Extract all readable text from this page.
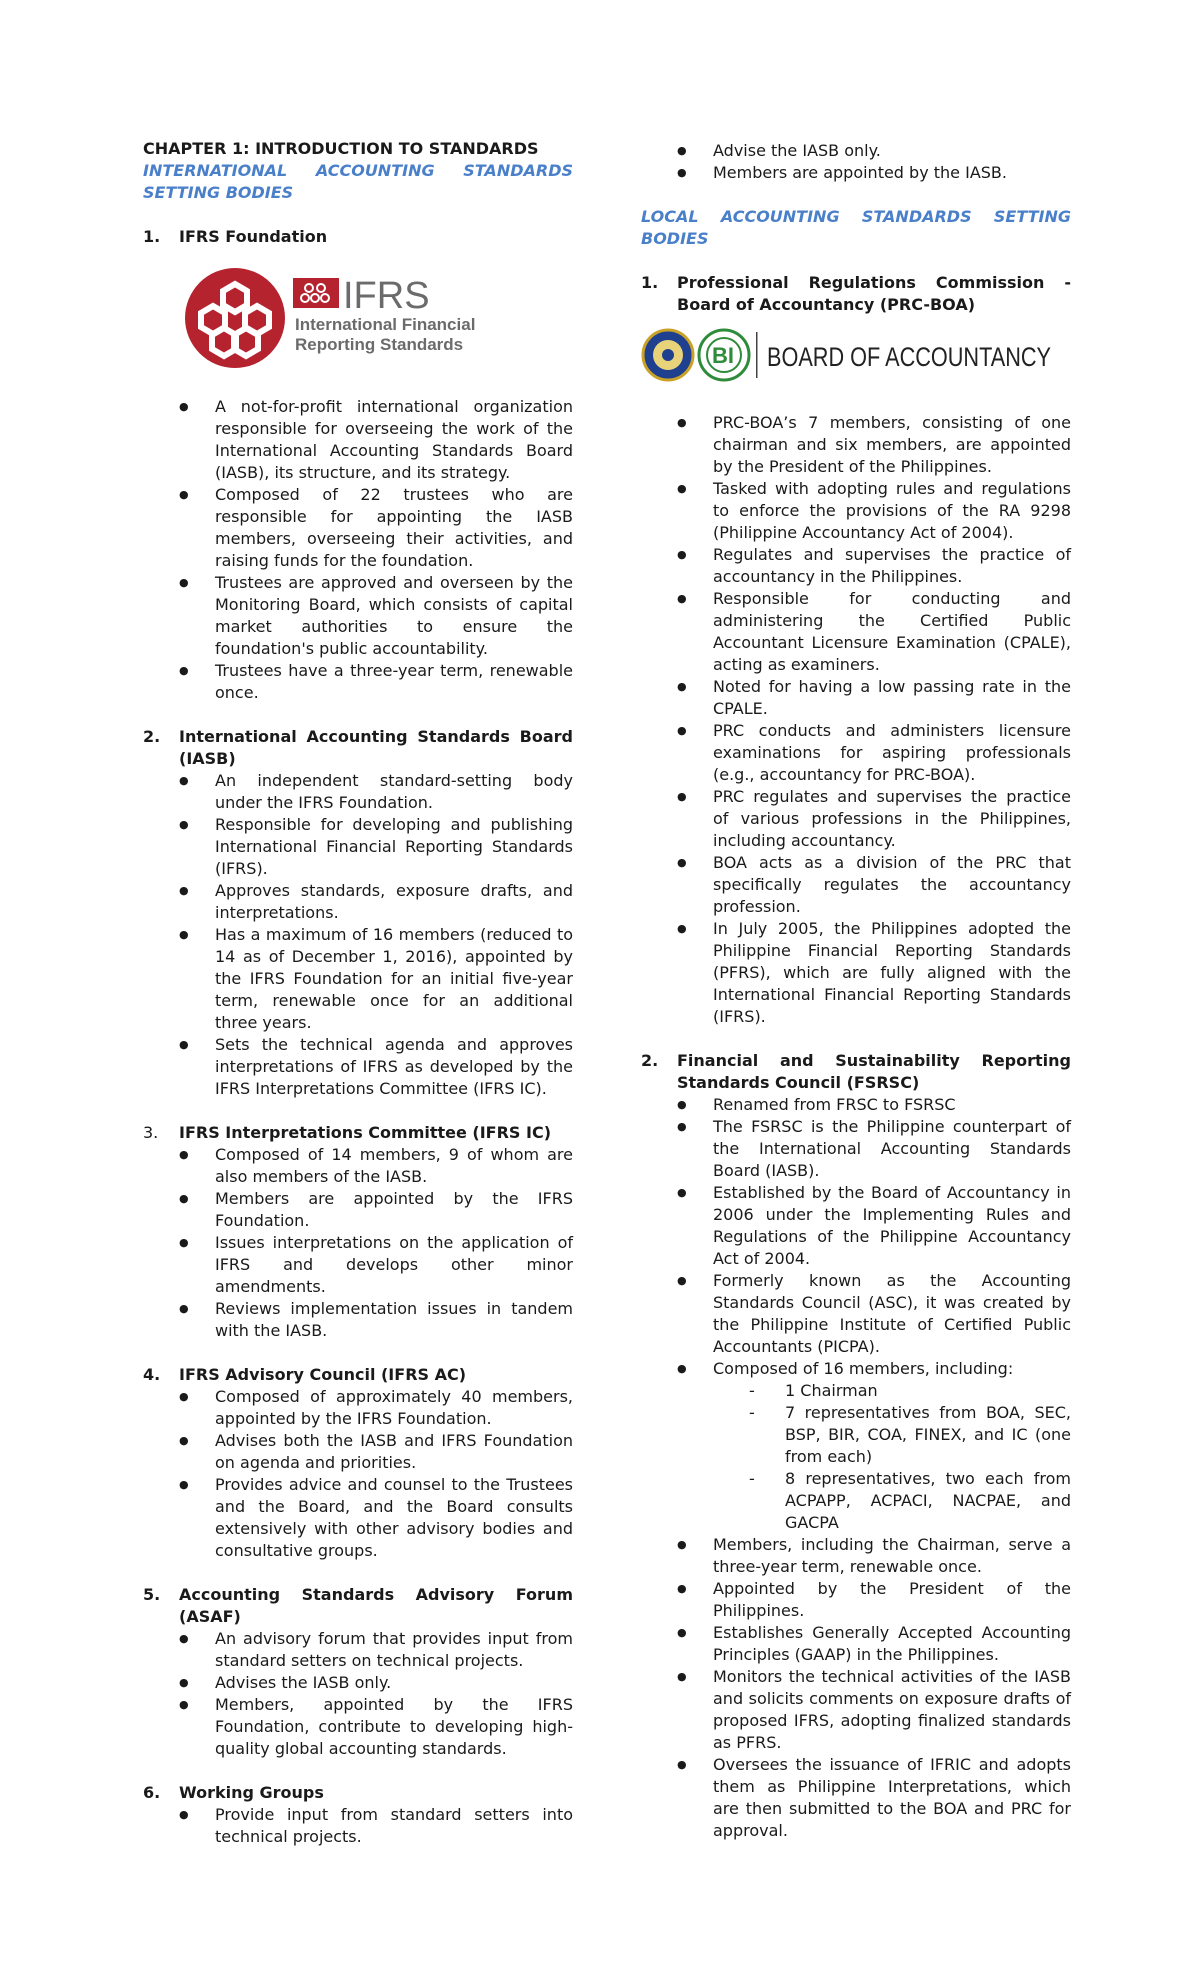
CHAPTER 1: INTRODUCTION TO STANDARDS

INTERNATIONAL ACCOUNTING STANDARDS SETTING BODIES

1.	IFRS Foundation
IFRS
International Financial
Reporting Standards
● A not-for-profit international organization responsible for overseeing the work of the International Accounting Standards Board (IASB), its structure, and its strategy.
● Composed of 22 trustees who are responsible for appointing the IASB members, overseeing their activities, and raising funds for the foundation.
● Trustees are approved and overseen by the Monitoring Board, which consists of capital market authorities to ensure the foundation's public accountability.
● Trustees have a three-year term, renewable once.
2.	International Accounting Standards Board (IASB)
● An independent standard-setting body under the IFRS Foundation.
● Responsible for developing and publishing International Financial Reporting Standards (IFRS).
● Approves standards, exposure drafts, and interpretations.
● Has a maximum of 16 members (reduced to 14 as of December 1, 2016), appointed by the IFRS Foundation for an initial five-year term, renewable once for an additional three years.
● Sets the technical agenda and approves interpretations of IFRS as developed by the IFRS Interpretations Committee (IFRS IC).
3.	IFRS Interpretations Committee (IFRS IC)
● Composed of 14 members, 9 of whom are also members of the IASB.
● Members are appointed by the IFRS Foundation.
● Issues interpretations on the application of IFRS and develops other minor amendments.
● Reviews implementation issues in tandem with the IASB.
4.	IFRS Advisory Council (IFRS AC)
● Composed of approximately 40 members, appointed by the IFRS Foundation.
● Advises both the IASB and IFRS Foundation on agenda and priorities.
● Provides advice and counsel to the Trustees and the Board, and the Board consults extensively with other advisory bodies and consultative groups.
5.	Accounting Standards Advisory Forum (ASAF)
● An advisory forum that provides input from standard setters on technical projects.
● Advises the IASB only.
● Members, appointed by the IFRS Foundation, contribute to developing high-quality global accounting standards.
6.	Working Groups
● Provide input from standard setters into technical projects.
● Advise the IASB only.
● Members are appointed by the IASB.

LOCAL ACCOUNTING STANDARDS SETTING BODIES

1.	Professional Regulations Commission - Board of Accountancy (PRC-BOA)
BI BOARD OF ACCOUNTANCY
● PRC-BOA’s 7 members, consisting of one chairman and six members, are appointed by the President of the Philippines.
● Tasked with adopting rules and regulations to enforce the provisions of the RA 9298 (Philippine Accountancy Act of 2004).
● Regulates and supervises the practice of accountancy in the Philippines.
● Responsible for conducting and administering the Certified Public Accountant Licensure Examination (CPALE), acting as examiners.
● Noted for having a low passing rate in the CPALE.
● PRC conducts and administers licensure examinations for aspiring professionals (e.g., accountancy for PRC-BOA).
● PRC regulates and supervises the practice of various professions in the Philippines, including accountancy.
● BOA acts as a division of the PRC that specifically regulates the accountancy profession.
● In July 2005, the Philippines adopted the Philippine Financial Reporting Standards (PFRS), which are fully aligned with the International Financial Reporting Standards (IFRS).
2.	Financial and Sustainability Reporting Standards Council (FSRSC)
● Renamed from FRSC to FSRSC
● The FSRSC is the Philippine counterpart of the International Accounting Standards Board (IASB).
● Established by the Board of Accountancy in 2006 under the Implementing Rules and Regulations of the Philippine Accountancy Act of 2004.
● Formerly known as the Accounting Standards Council (ASC), it was created by the Philippine Institute of Certified Public Accountants (PICPA).
● Composed of 16 members, including:
- 1 Chairman
- 7 representatives from BOA, SEC, BSP, BIR, COA, FINEX, and IC (one from each)
- 8 representatives, two each from ACPAPP, ACPACI, NACPAE, and GACPA
● Members, including the Chairman, serve a three-year term, renewable once.
● Appointed by the President of the Philippines.
● Establishes Generally Accepted Accounting Principles (GAAP) in the Philippines.
● Monitors the technical activities of the IASB and solicits comments on exposure drafts of proposed IFRS, adopting finalized standards as PFRS.
● Oversees the issuance of IFRIC and adopts them as Philippine Interpretations, which are then submitted to the BOA and PRC for approval.
